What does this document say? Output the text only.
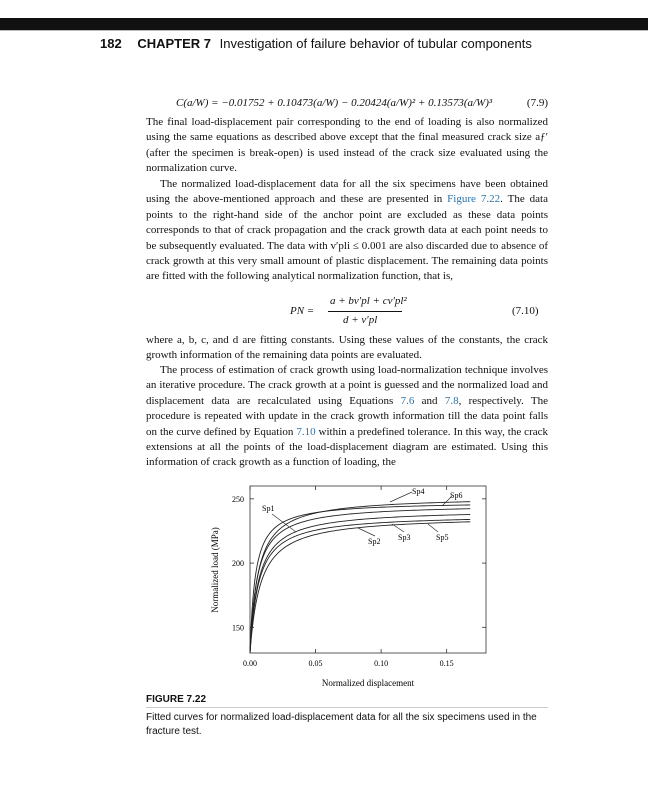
182 CHAPTER 7 Investigation of failure behavior of tubular components
C(a/W) = −0.01752 + 0.10473(a/W) − 0.20424(a/W)² + 0.13573(a/W)³	(7.9)

The final load-displacement pair corresponding to the end of loading is also normalized using the same equations as described above except that the final measured crack size aƒ′ (after the specimen is break-open) is used instead of the crack size evaluated using the normalization curve.

The normalized load-displacement data for all the six specimens have been obtained using the above-mentioned approach and these are presented in Figure 7.22. The data points to the right-hand side of the anchor point are excluded as these data points corresponds to that of crack propagation and the crack growth data at each point needs to be subsequently evaluated. The data with v′pli ≤ 0.001 are also discarded due to absence of crack growth at this very small amount of plastic displacement. The remaining data points are fitted with the following analytical normalization function, that is,

PN =
a + bv′pl + cv′pl²
d + v′pl
(7.10)

where a, b, c, and d are fitting constants. Using these values of the constants, the crack growth information of the remaining data points are evaluated.

The process of estimation of crack growth using load-normalization technique involves an iterative procedure. The crack growth at a point is guessed and the normalized load and displacement data are recalculated using Equations 7.6 and 7.8, respectively. The procedure is repeated with update in the crack growth information till the data point falls on the curve defined by Equation 7.10 within a predefined tolerance. In this way, the crack extensions at all the points of the load-displacement diagram are estimated. Using this information of crack growth as a function of loading, the

0.00	0.05	0.10	0.15
150
200
250
Sp1
Sp2 Sp3
Sp4
Sp5
Sp6
Normalized displacement
Normalized load (MPa)
FIGURE 7.22
Fitted curves for normalized load-displacement data for all the six specimens used in the fracture test.
